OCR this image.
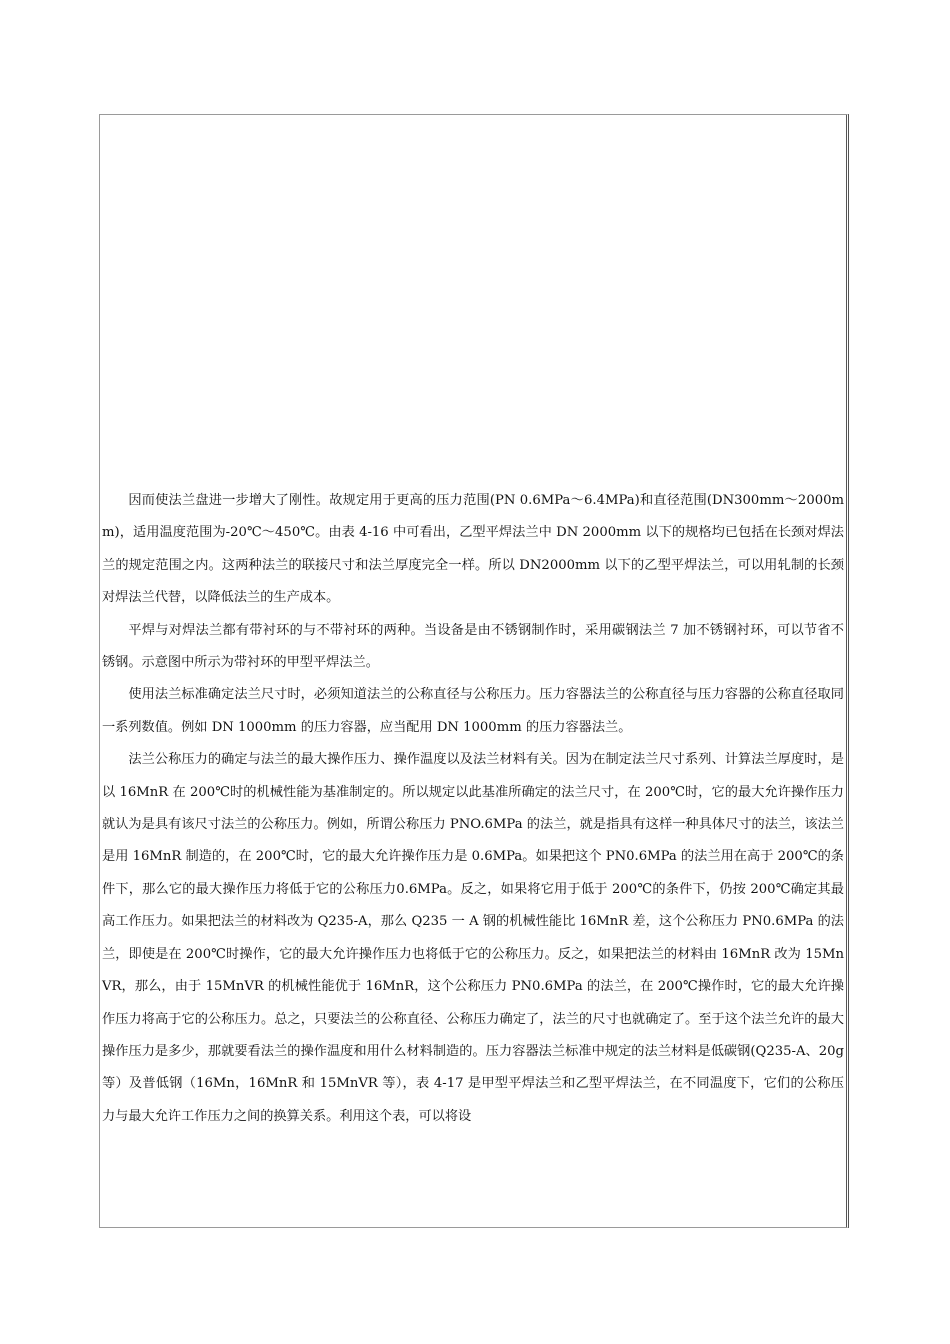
因而使法兰盘进一步增大了刚性。故规定用于更高的压力范围(PN 0.6MPa～6.4MPa)和直径范围(DN300mm～2000mm)，适用温度范围为-20℃～450℃。由表 4-16 中可看出，乙型平焊法兰中 DN 2000mm 以下的规格均已包括在长颈对焊法兰的规定范围之内。这两种法兰的联接尺寸和法兰厚度完全一样。所以 DN2000mm 以下的乙型平焊法兰，可以用轧制的长颈对焊法兰代替，以降低法兰的生产成本。

平焊与对焊法兰都有带衬环的与不带衬环的两种。当设备是由不锈钢制作时，采用碳钢法兰 7 加不锈钢衬环，可以节省不锈钢。示意图中所示为带衬环的甲型平焊法兰。

使用法兰标准确定法兰尺寸时，必须知道法兰的公称直径与公称压力。压力容器法兰的公称直径与压力容器的公称直径取同一系列数值。例如 DN 1000mm 的压力容器，应当配用 DN 1000mm 的压力容器法兰。

法兰公称压力的确定与法兰的最大操作压力、操作温度以及法兰材料有关。因为在制定法兰尺寸系列、计算法兰厚度时，是以 16MnR 在 200℃时的机械性能为基准制定的。所以规定以此基准所确定的法兰尺寸，在 200℃时，它的最大允许操作压力就认为是具有该尺寸法兰的公称压力。例如，所谓公称压力 PNO.6MPa 的法兰，就是指具有这样一种具体尺寸的法兰，该法兰是用 16MnR 制造的，在 200℃时，它的最大允许操作压力是 0.6MPa。如果把这个 PN0.6MPa 的法兰用在高于 200℃的条件下，那么它的最大操作压力将低于它的公称压力0.6MPa。反之，如果将它用于低于 200℃的条件下，仍按 200℃确定其最高工作压力。如果把法兰的材料改为 Q235-A，那么 Q235 一 A 钢的机械性能比 16MnR 差，这个公称压力 PN0.6MPa 的法兰，即使是在 200℃时操作，它的最大允许操作压力也将低于它的公称压力。反之，如果把法兰的材料由 16MnR 改为 15MnVR，那么，由于 15MnVR 的机械性能优于 16MnR，这个公称压力 PN0.6MPa 的法兰，在 200℃操作时，它的最大允许操作压力将高于它的公称压力。总之，只要法兰的公称直径、公称压力确定了，法兰的尺寸也就确定了。至于这个法兰允许的最大操作压力是多少，那就要看法兰的操作温度和用什么材料制造的。压力容器法兰标准中规定的法兰材料是低碳钢(Q235-A、20g 等）及普低钢（16Mn，16MnR 和 15MnVR 等），表 4-17 是甲型平焊法兰和乙型平焊法兰，在不同温度下，它们的公称压力与最大允许工作压力之间的换算关系。利用这个表，可以将设
